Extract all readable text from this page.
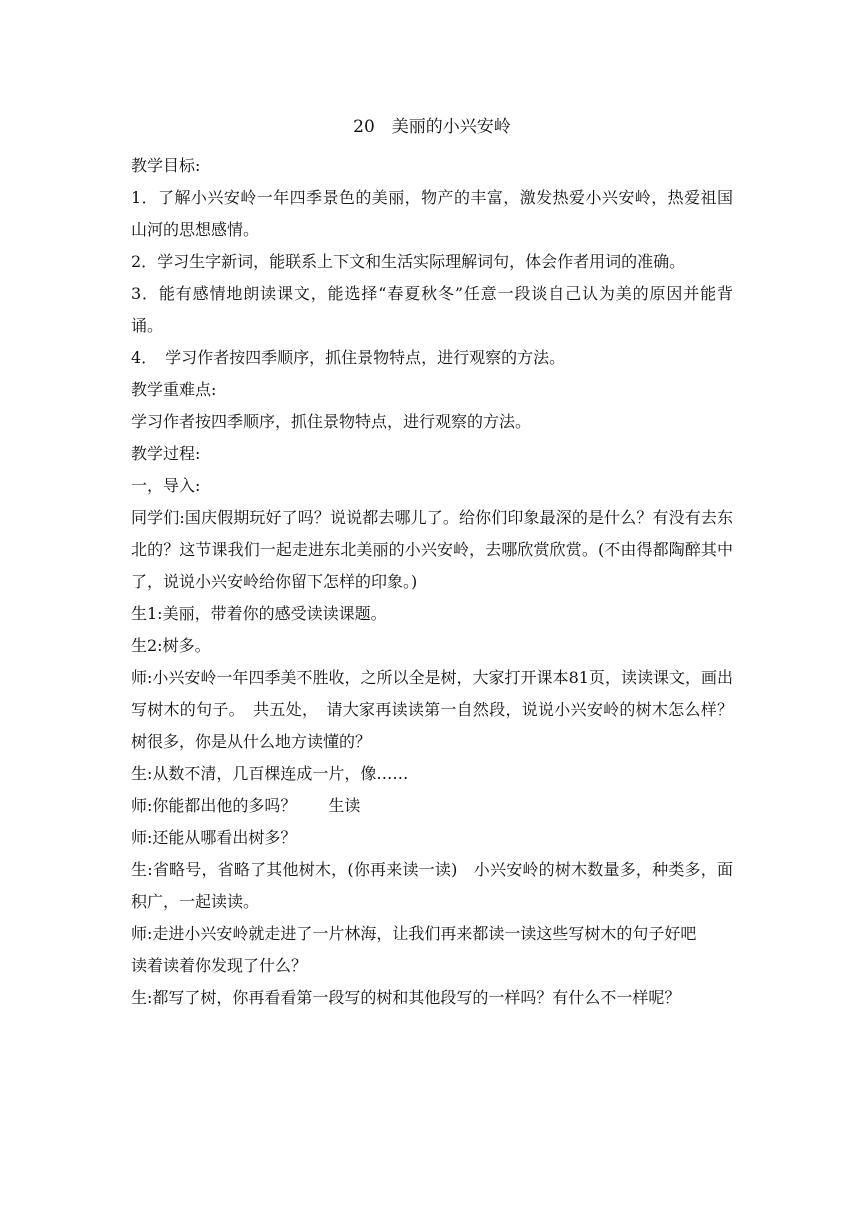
20　美丽的小兴安岭
教学目标:
1．了解小兴安岭一年四季景色的美丽，物产的丰富，激发热爱小兴安岭，热爱祖国山河的思想感情。
2．学习生字新词，能联系上下文和生活实际理解词句，体会作者用词的准确。
3．能有感情地朗读课文，能选择“春夏秋冬”任意一段谈自己认为美的原因并能背诵。
4．　学习作者按四季顺序，抓住景物特点，进行观察的方法。
教学重难点:
学习作者按四季顺序，抓住景物特点，进行观察的方法。
教学过程:
一，导入:
同学们:国庆假期玩好了吗？说说都去哪儿了。给你们印象最深的是什么？有没有去东北的？这节课我们一起走进东北美丽的小兴安岭，去哪欣赏欣赏。(不由得都陶醉其中了，说说小兴安岭给你留下怎样的印象。)
生1:美丽，带着你的感受读读课题。
生2:树多。
师:小兴安岭一年四季美不胜收，之所以全是树，大家打开课本81页，读读课文，画出写树木的句子。　共五处，　请大家再读读第一自然段，说说小兴安岭的树木怎么样？树很多，你是从什么地方读懂的？
生:从数不清，几百棵连成一片，像……
师:你能都出他的多吗？　　生读
师:还能从哪看出树多？
生:省略号，省略了其他树木，(你再来读一读)　小兴安岭的树木数量多，种类多，面积广，一起读读。
师:走进小兴安岭就走进了一片林海，让我们再来都读一读这些写树木的句子好吧
读着读着你发现了什么？
生:都写了树，你再看看第一段写的树和其他段写的一样吗？有什么不一样呢？
